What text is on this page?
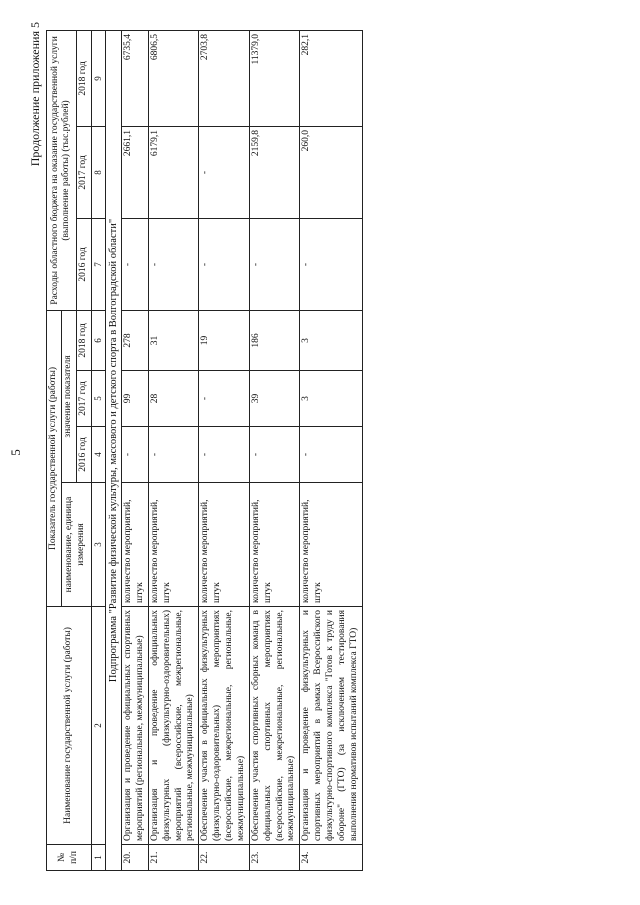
5
Продолжение приложения 5
№ п/п	Наименование государственной услуги (работы)	Показатель государственной услуги (работы)				Расходы областного бюджета на оказание государственной услуги (выполнение работы) (тыс.рублей)		
		наименование, единица измерения	значение показателя					
			2016 год	2017 год	2018 год	2016 год	2017 год	2018 год
1	2	3	4	5	6	7	8	9
Подпрограмма "Развитие физической культуры, массового и детского спорта в Волгоградской области"								
20.	Организация и проведение официальных спортивных мероприятий (региональные, межмуниципальные)	количество мероприятий, штук	-	99	278	-	2661,1	6735,4
21.	Организация и проведение официальных физкультурных (физкультурно-оздоровительных) мероприятий (всероссийские, межрегиональные, региональные, межмуниципальные)	количество мероприятий, штук	-	28	31	-	6179,1	6806,5
22.	Обеспечение участия в официальных физкультурных (физкультурно-оздоровительных) мероприятиях (всероссийские, межрегиональные, региональные, межмуниципальные)	количество мероприятий, штук	-	-	19	-	-	2703,8
23.	Обеспечение участия спортивных сборных команд в официальных спортивных мероприятиях (всероссийские, межрегиональные, региональные, межмуниципальные)	количество мероприятий, штук	-	39	186	-	2159,8	11379,0
24.	Организация и проведение физкультурных и спортивных мероприятий в рамках Всероссийского физкультурно-спортивного комплекса "Готов к труду и обороне" (ГТО) (за исключением тестирования выполнения нормативов испытаний комплекса ГТО)	количество мероприятий, штук	-	3	3	-	260,0	282,1
